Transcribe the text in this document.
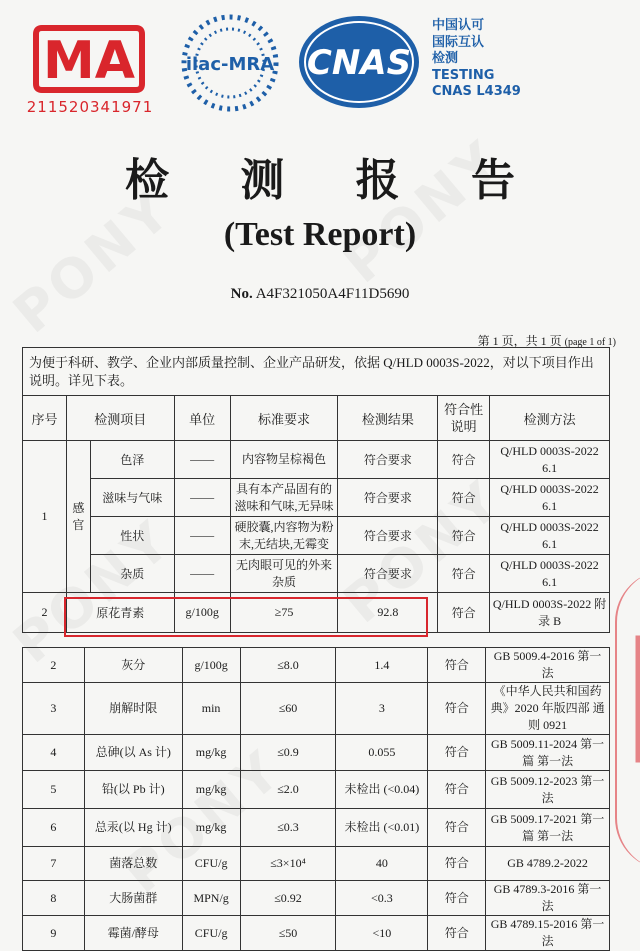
MA
211520341971
ilac-MRA CNAS
中国认可
国际互认
检测
TESTING
CNAS L4349
检 测 报 告
(Test Report)
No. A4F321050A4F11D5690
第 1 页，共 1 页 (page 1 of 1)
为便于科研、教学、企业内部质量控制、企业产品研发，依据 Q/HLD 0003S-2022，对以下项目作出说明。详见下表。							
序号	检测项目		单位	标准要求	检测结果	符合性说明	检测方法
1	感官	色泽	——	内容物呈棕褐色	符合要求	符合	Q/HLD 0003S-2022 6.1
		滋味与气味	——	具有本产品固有的滋味和气味,无异味	符合要求	符合	Q/HLD 0003S-2022 6.1
		性状	——	硬胶囊,内容物为粉末,无结块,无霉变	符合要求	符合	Q/HLD 0003S-2022 6.1
		杂质	——	无肉眼可见的外来杂质	符合要求	符合	Q/HLD 0003S-2022 6.1
2	原花青素		g/100g	≥75	92.8	符合	Q/HLD 0003S-2022 附录 B
2	灰分	g/100g	≤8.0	1.4	符合	GB 5009.4-2016 第一法
3	崩解时限	min	≤60	3	符合	《中华人民共和国药典》2020 年版四部 通则 0921
4	总砷(以 As 计)	mg/kg	≤0.9	0.055	符合	GB 5009.11-2024 第一篇 第一法
5	铅(以 Pb 计)	mg/kg	≤2.0	未检出 (<0.04)	符合	GB 5009.12-2023 第一法
6	总汞(以 Hg 计)	mg/kg	≤0.3	未检出 (<0.01)	符合	GB 5009.17-2021 第一篇 第一法
7	菌落总数	CFU/g	≤3×10⁴	40	符合	GB 4789.2-2022
8	大肠菌群	MPN/g	≤0.92	<0.3	符合	GB 4789.3-2016 第一法
9	霉菌/酵母	CFU/g	≤50	<10	符合	GB 4789.15-2016 第一法
